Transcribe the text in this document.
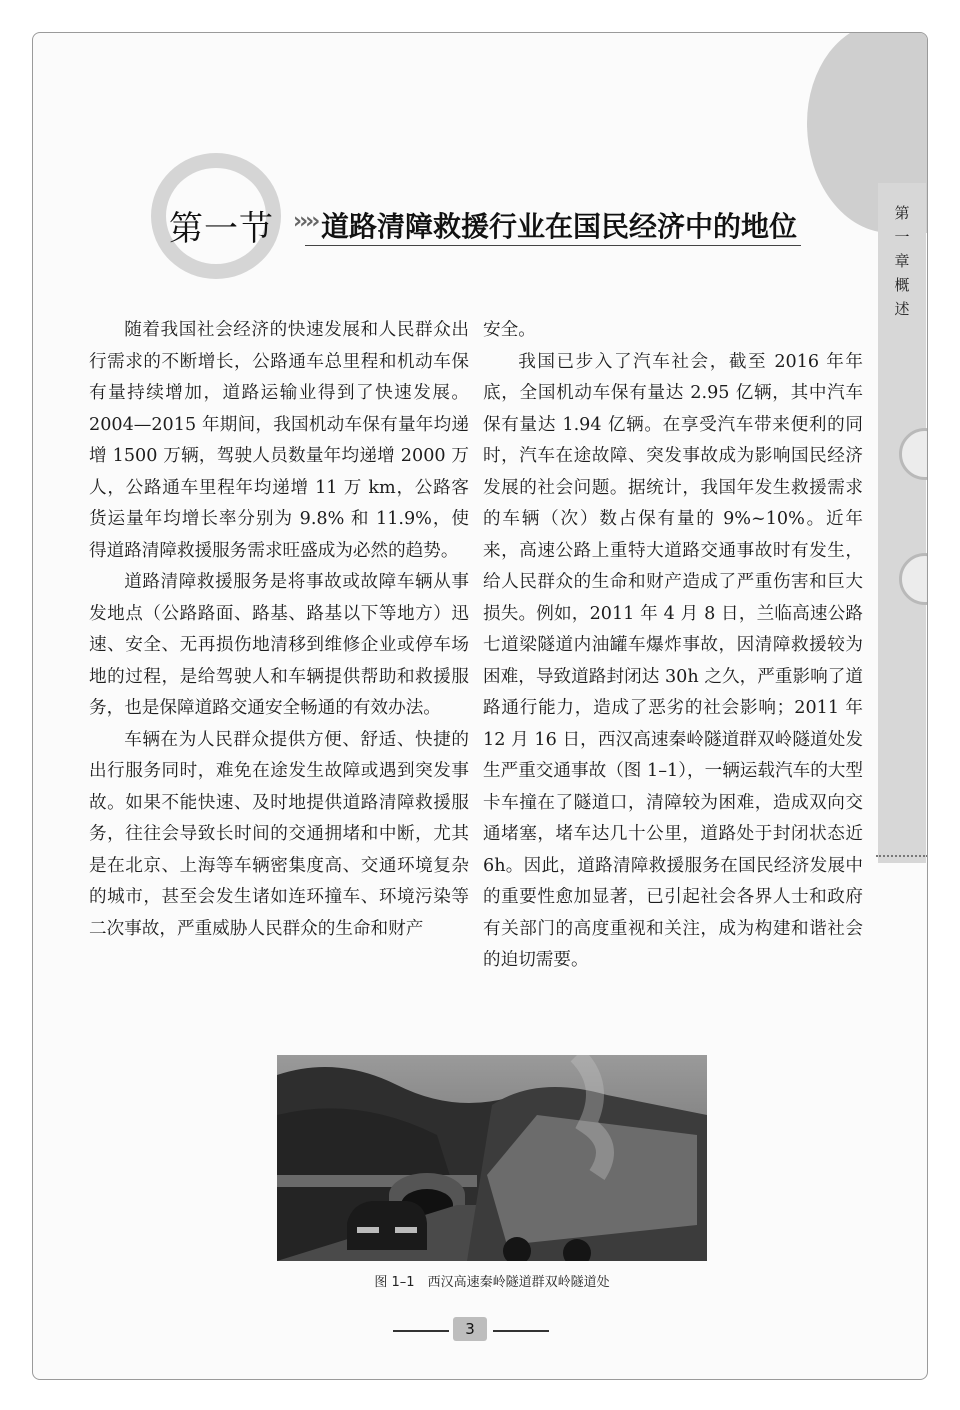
第
一
章
概
述
第一节 ›››› 道路清障救援行业在国民经济中的地位

随着我国社会经济的快速发展和人民群众出行需求的不断增长，公路通车总里程和机动车保有量持续增加，道路运输业得到了快速发展。2004—2015 年期间，我国机动车保有量年均递增 1500 万辆，驾驶人员数量年均递增 2000 万人，公路通车里程年均递增 11 万 km，公路客货运量年均增长率分别为 9.8% 和 11.9%，使得道路清障救援服务需求旺盛成为必然的趋势。

道路清障救援服务是将事故或故障车辆从事发地点（公路路面、路基、路基以下等地方）迅速、安全、无再损伤地清移到维修企业或停车场地的过程，是给驾驶人和车辆提供帮助和救援服务，也是保障道路交通安全畅通的有效办法。

车辆在为人民群众提供方便、舒适、快捷的出行服务同时，难免在途发生故障或遇到突发事故。如果不能快速、及时地提供道路清障救援服务，往往会导致长时间的交通拥堵和中断，尤其是在北京、上海等车辆密集度高、交通环境复杂的城市，甚至会发生诸如连环撞车、环境污染等二次事故，严重威胁人民群众的生命和财产

安全。

我国已步入了汽车社会，截至 2016 年年底，全国机动车保有量达 2.95 亿辆，其中汽车保有量达 1.94 亿辆。在享受汽车带来便利的同时，汽车在途故障、突发事故成为影响国民经济发展的社会问题。据统计，我国年发生救援需求的车辆（次）数占保有量的 9%~10%。近年来，高速公路上重特大道路交通事故时有发生，给人民群众的生命和财产造成了严重伤害和巨大损失。例如，2011 年 4 月 8 日，兰临高速公路七道梁隧道内油罐车爆炸事故，因清障救援较为困难，导致道路封闭达 30h 之久，严重影响了道路通行能力，造成了恶劣的社会影响；2011 年 12 月 16 日，西汉高速秦岭隧道群双岭隧道处发生严重交通事故（图 1–1），一辆运载汽车的大型卡车撞在了隧道口，清障较为困难，造成双向交通堵塞，堵车达几十公里，道路处于封闭状态近 6h。因此，道路清障救援服务在国民经济发展中的重要性愈加显著，已引起社会各界人士和政府有关部门的高度重视和关注，成为构建和谐社会的迫切需要。

图 1–1　西汉高速秦岭隧道群双岭隧道处
3
